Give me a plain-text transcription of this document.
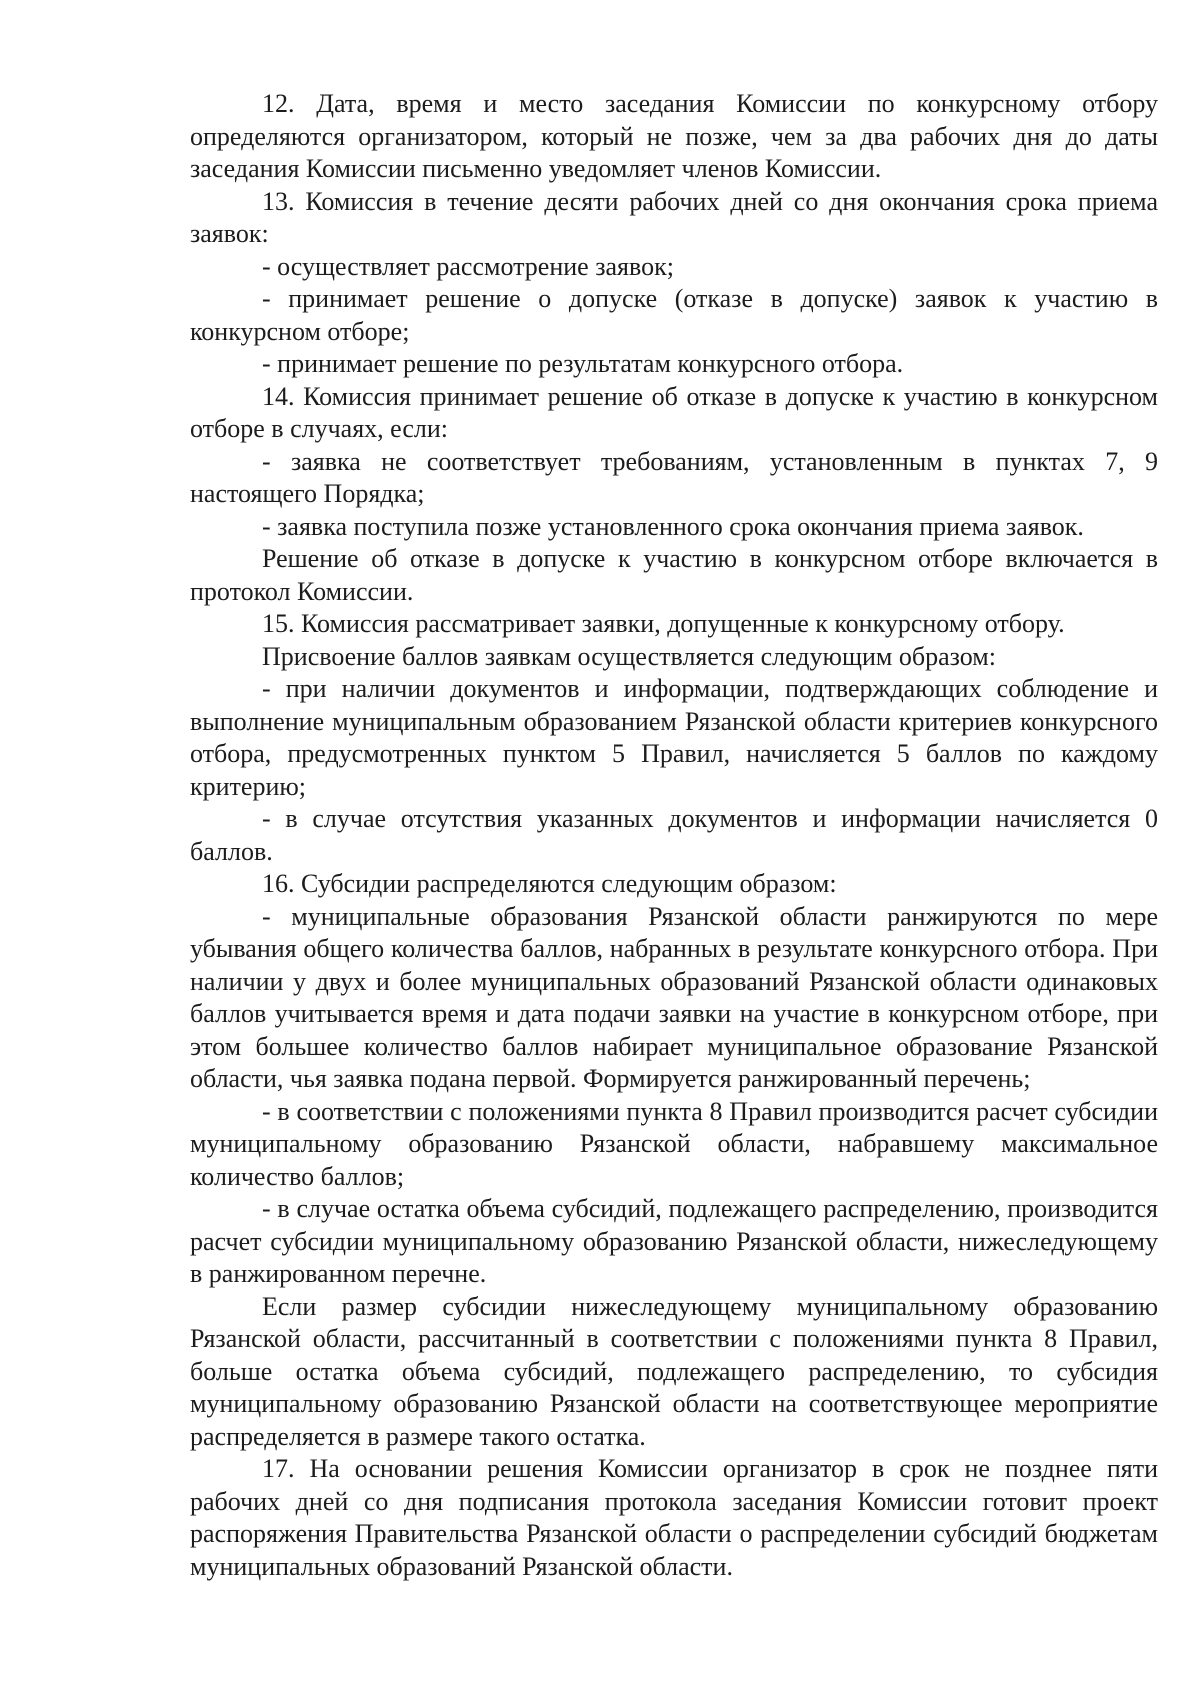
12. Дата, время и место заседания Комиссии по конкурсному отбору определяются организатором, который не позже, чем за два рабочих дня до даты заседания Комиссии письменно уведомляет членов Комиссии.

13. Комиссия в течение десяти рабочих дней со дня окончания срока приема заявок:

- осуществляет рассмотрение заявок;

- принимает решение о допуске (отказе в допуске) заявок к участию в конкурсном отборе;

- принимает решение по результатам конкурсного отбора.

14. Комиссия принимает решение об отказе в допуске к участию в конкурсном отборе в случаях, если:

- заявка не соответствует требованиям, установленным в пунктах 7, 9 настоящего Порядка;

- заявка поступила позже установленного срока окончания приема заявок.

Решение об отказе в допуске к участию в конкурсном отборе включается в протокол Комиссии.

15. Комиссия рассматривает заявки, допущенные к конкурсному отбору.

Присвоение баллов заявкам осуществляется следующим образом:

- при наличии документов и информации, подтверждающих соблюдение и выполнение муниципальным образованием Рязанской области критериев конкурсного отбора, предусмотренных пунктом 5 Правил, начисляется 5 баллов по каждому критерию;

- в случае отсутствия указанных документов и информации начисляется 0 баллов.

16. Субсидии распределяются следующим образом:

- муниципальные образования Рязанской области ранжируются по мере убывания общего количества баллов, набранных в результате конкурсного отбора. При наличии у двух и более муниципальных образований Рязанской области одинаковых баллов учитывается время и дата подачи заявки на участие в конкурсном отборе, при этом большее количество баллов набирает муниципальное образование Рязанской области, чья заявка подана первой. Формируется ранжированный перечень;

- в соответствии с положениями пункта 8 Правил производится расчет субсидии муниципальному образованию Рязанской области, набравшему максимальное количество баллов;

- в случае остатка объема субсидий, подлежащего распределению, производится расчет субсидии муниципальному образованию Рязанской области, нижеследующему в ранжированном перечне.

Если размер субсидии нижеследующему муниципальному образованию Рязанской области, рассчитанный в соответствии с положениями пункта 8 Правил, больше остатка объема субсидий, подлежащего распределению, то субсидия муниципальному образованию Рязанской области на соответствующее мероприятие распределяется в размере такого остатка.

17. На основании решения Комиссии организатор в срок не позднее пяти рабочих дней со дня подписания протокола заседания Комиссии готовит проект распоряжения Правительства Рязанской области о распределении субсидий бюджетам муниципальных образований Рязанской области.
